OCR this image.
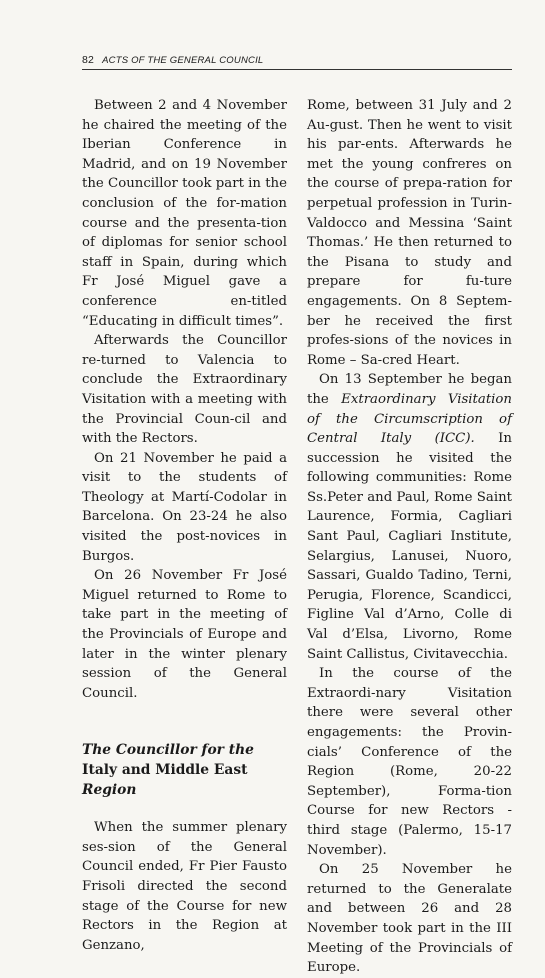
82 ACTS OF THE GENERAL COUNCIL

Between 2 and 4 November he chaired the meeting of the Iberian Conference in Madrid, and on 19 November the Councillor took part in the conclusion of the for-mation course and the presenta-tion of diplomas for senior school staff in Spain, during which Fr José Miguel gave a conference en-titled “Educating in difficult times”.

Afterwards the Councillor re-turned to Valencia to conclude the Extraordinary Visitation with a meeting with the Provincial Coun-cil and with the Rectors.

On 21 November he paid a visit to the students of Theology at Martí-Codolar in Barcelona. On 23-24 he also visited the post-novices in Burgos.

On 26 November Fr José Miguel returned to Rome to take part in the meeting of the Provincials of Europe and later in the winter plenary session of the General Council.

The Councillor for the
Italy and Middle East Region

When the summer plenary ses-sion of the General Council ended, Fr Pier Fausto Frisoli directed the second stage of the Course for new Rectors in the Region at Genzano,

Rome, between 31 July and 2 Au-gust. Then he went to visit his par-ents. Afterwards he met the young confreres on the course of prepa-ration for perpetual profession in Turin-Valdocco and Messina ‘Saint Thomas.’ He then returned to the Pisana to study and prepare for fu-ture engagements. On 8 Septem-ber he received the first profes-sions of the novices in Rome – Sa-cred Heart.

On 13 September he began the Extraordinary Visitation of the Circumscription of Central Italy (ICC). In succession he visited the following communities: Rome Ss.Peter and Paul, Rome Saint Laurence, Formia, Cagliari Sant Paul, Cagliari Institute, Selargius, Lanusei, Nuoro, Sassari, Gualdo Tadino, Terni, Perugia, Florence, Scandicci, Figline Val d’Arno, Colle di Val d’Elsa, Livorno, Rome Saint Callistus, Civitavecchia.

In the course of the Extraordi-nary Visitation there were several other engagements: the Provin-cials’ Conference of the Region (Rome, 20-22 September), Forma-tion Course for new Rectors - third stage (Palermo, 15-17 November).

On 25 November he returned to the Generalate and between 26 and 28 November took part in the III Meeting of the Provincials of Europe.
